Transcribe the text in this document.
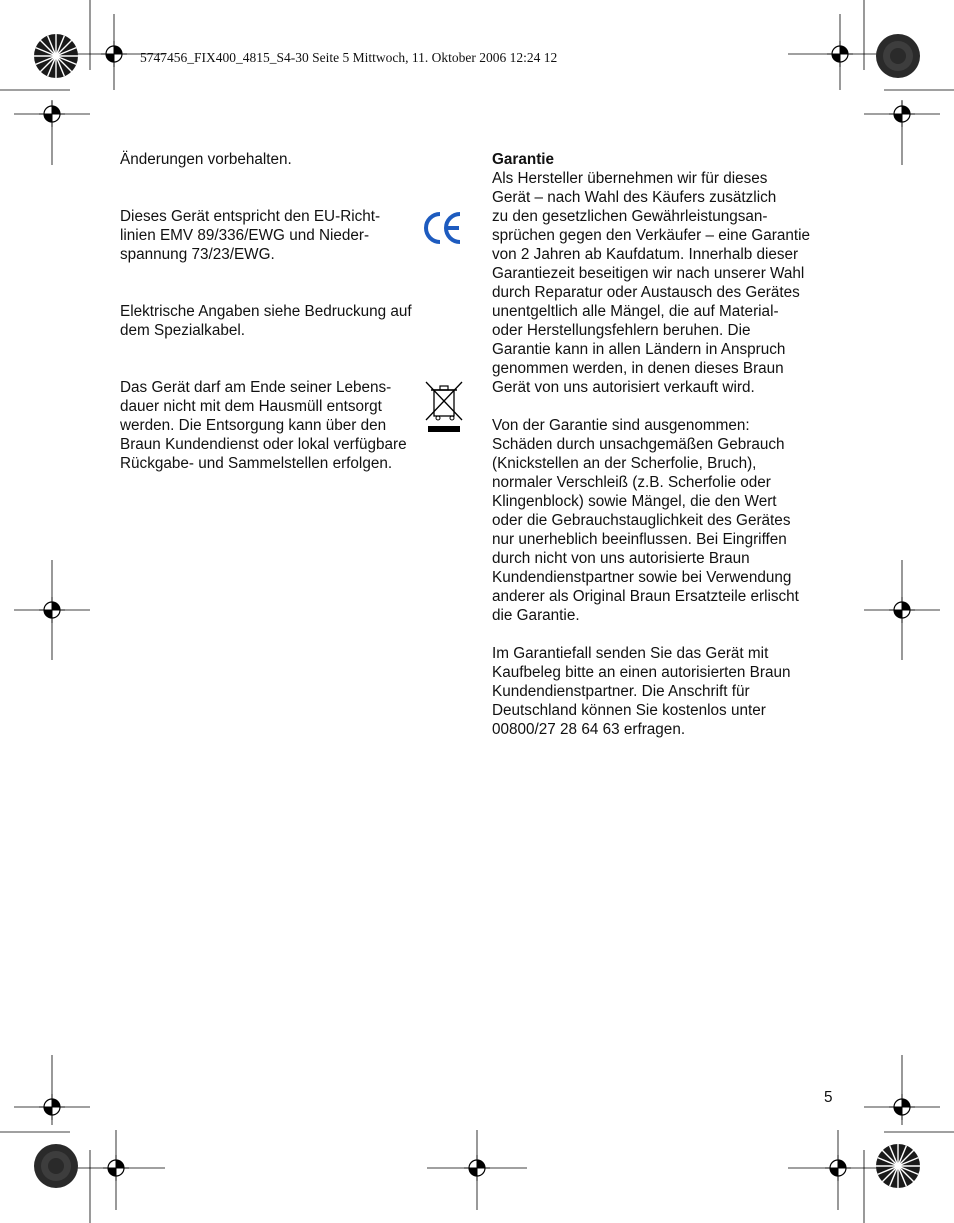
5747456_FIX400_4815_S4-30 Seite 5 Mittwoch, 11. Oktober 2006 12:24 12

Änderungen vorbehalten.

Dieses Gerät entspricht den EU-Richt-
linien EMV 89/336/EWG und Nieder-
spannung 73/23/EWG.

Elektrische Angaben siehe Bedruckung auf
dem Spezialkabel.

Das Gerät darf am Ende seiner Lebens-
dauer nicht mit dem Hausmüll entsorgt
werden. Die Entsorgung kann über den
Braun Kundendienst oder lokal verfügbare
Rückgabe- und Sammelstellen erfolgen.

Garantie

Als Hersteller übernehmen wir für dieses
Gerät – nach Wahl des Käufers zusätzlich
zu den gesetzlichen Gewährleistungsan-
sprüchen gegen den Verkäufer – eine Garantie
von 2 Jahren ab Kaufdatum. Innerhalb dieser
Garantiezeit beseitigen wir nach unserer Wahl
durch Reparatur oder Austausch des Gerätes
unentgeltlich alle Mängel, die auf Material-
oder Herstellungsfehlern beruhen. Die
Garantie kann in allen Ländern in Anspruch
genommen werden, in denen dieses Braun
Gerät von uns autorisiert verkauft wird.

Von der Garantie sind ausgenommen:
Schäden durch unsachgemäßen Gebrauch
(Knickstellen an der Scherfolie, Bruch),
normaler Verschleiß (z.B. Scherfolie oder
Klingenblock) sowie Mängel, die den Wert
oder die Gebrauchstauglichkeit des Gerätes
nur unerheblich beeinflussen. Bei Eingriffen
durch nicht von uns autorisierte Braun
Kundendienstpartner sowie bei Verwendung
anderer als Original Braun Ersatzteile erlischt
die Garantie.

Im Garantiefall senden Sie das Gerät mit
Kaufbeleg bitte an einen autorisierten Braun
Kundendienstpartner. Die Anschrift für
Deutschland können Sie kostenlos unter
00800/27 28 64 63 erfragen.

5
